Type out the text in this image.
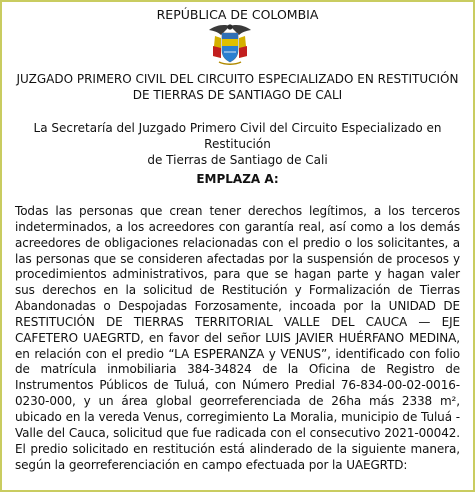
REPÚBLICA DE COLOMBIA
JUZGADO PRIMERO CIVIL DEL CIRCUITO ESPECIALIZADO EN RESTITUCIÓN
DE TIERRAS DE SANTIAGO DE CALI
La Secretaría del Juzgado Primero Civil del Circuito Especializado en Restitución
de Tierras de Santiago de Cali
EMPLAZA A:
Todas las personas que crean tener derechos legítimos, a los terceros indeterminados, a los acreedores con garantía real, así como a los demás acreedores de obligaciones relacionadas con el predio o los solicitantes, a las personas que se consideren afectadas por la suspensión de procesos y procedimientos administrativos, para que se hagan parte y hagan valer sus derechos en la solicitud de Restitución y Formalización de Tierras Abandonadas o Despojadas Forzosamente, incoada por la UNIDAD DE RESTITUCIÓN DE TIERRAS TERRITORIAL VALLE DEL CAUCA — EJE CAFETERO UAEGRTD, en favor del señor LUIS JAVIER HUÉRFANO MEDINA, en relación con el predio “LA ESPERANZA y VENUS”, identificado con folio de matrícula inmobiliaria 384-34824 de la Oficina de Registro de Instrumentos Públicos de Tuluá, con Número Predial 76-834-00-02-0016-0230-000, y un área global georreferenciada de 26ha más 2338 m², ubicado en la vereda Venus, corregimiento La Moralia, municipio de Tuluá - Valle del Cauca, solicitud que fue radicada con el consecutivo 2021-00042. El predio solicitado en restitución está alinderado de la siguiente manera, según la georreferenciación en campo efectuada por la UAEGRTD:
